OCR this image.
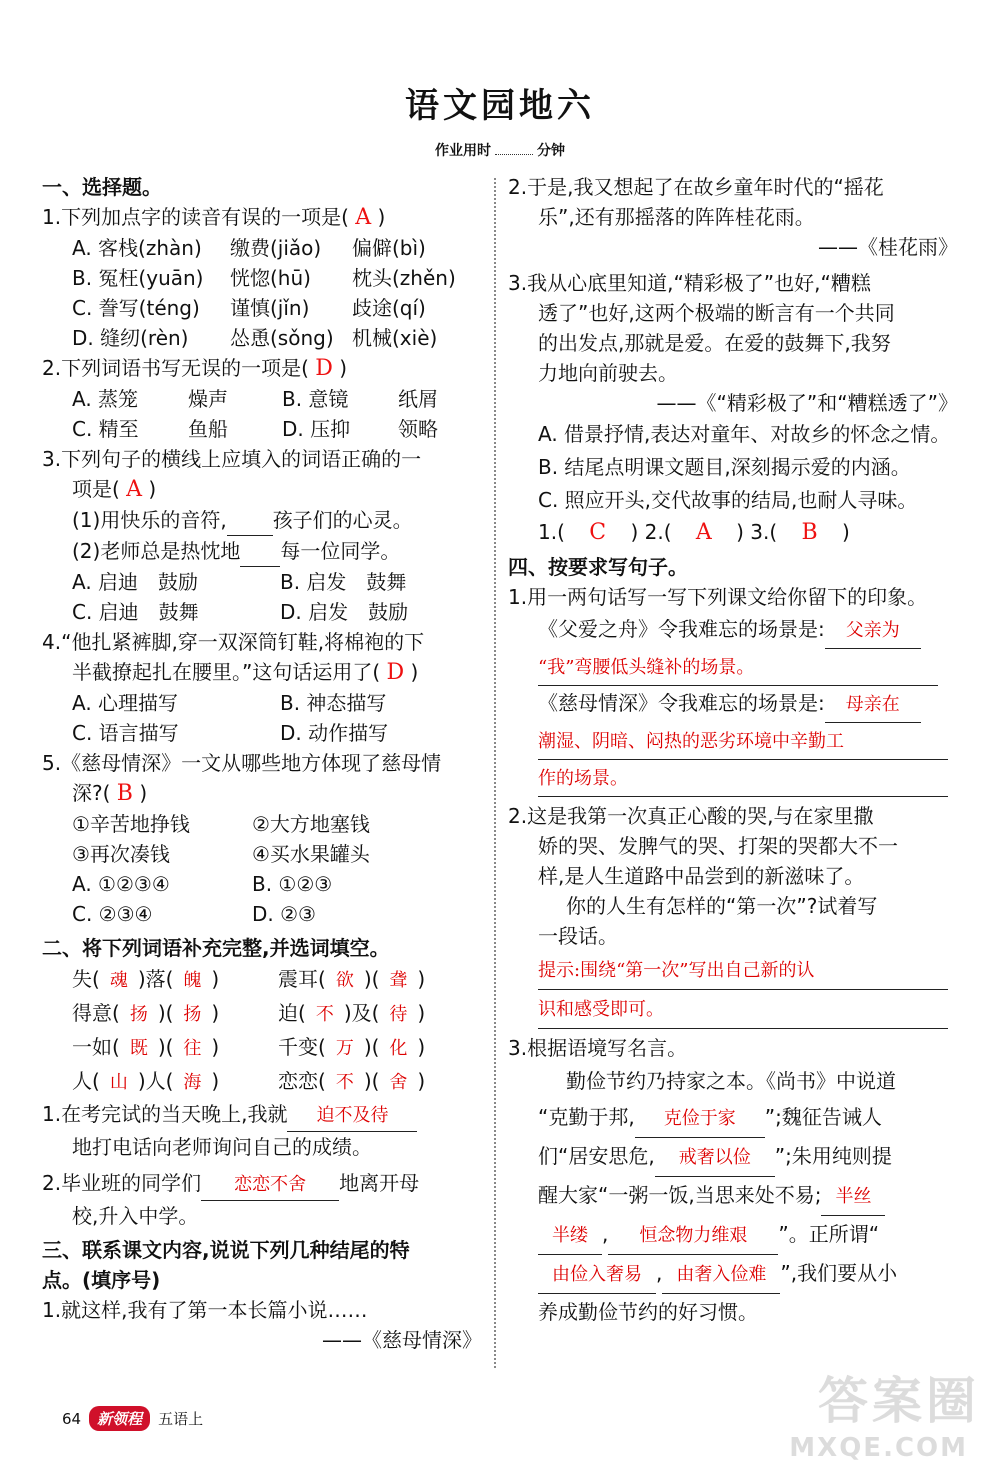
语文园地六
作业用时	分钟
一、选择题。
1.下列加点字的读音有误的一项是( A )
A. 客栈(zhàn) 缴费(jiǎo) 偏僻(bì)
B. 冤枉(yuān) 恍惚(hū) 枕头(zhěn)
C. 誊写(téng) 谨慎(jǐn) 歧途(qí)
D. 缝纫(rèn) 怂恿(sǒng) 机械(xiè)
2.下列词语书写无误的一项是( D )
A. 蒸笼 燥声	B. 意镜 纸屑
C. 精至 鱼船	D. 压抑 领略
3.下列句子的横线上应填入的词语正确的一
项是( A )
(1)用快乐的音符, 孩子们的心灵。
(2)老师总是热忱地 每一位同学。
A. 启迪　鼓励	B. 启发　鼓舞
C. 启迪　鼓舞	D. 启发　鼓励
4.“他扎紧裤脚,穿一双深筒钉鞋,将棉袍的下
半截撩起扎在腰里。”这句话运用了( D )
A. 心理描写	B. 神态描写
C. 语言描写	D. 动作描写
5.《慈母情深》一文从哪些地方体现了慈母情
深?( B )
①辛苦地挣钱	②大方地塞钱
③再次凑钱	④买水果罐头
A. ①②③④	B. ①②③
C. ②③④	D. ②③
二、将下列词语补充完整,并选词填空。
失( 魂 )落( 魄 )	震耳( 欲 )( 聋 )
得意( 扬 )( 扬 )	迫( 不 )及( 待 )
一如( 既 )( 往 )	千变( 万 )( 化 )
人( 山 )人( 海 )	恋恋( 不 )( 舍 )
1.在考完试的当天晚上,我就 迫不及待
地打电话向老师询问自己的成绩。
2.毕业班的同学们 恋恋不舍 地离开母
校,升入中学。
三、联系课文内容,说说下列几种结尾的特
点。(填序号)
1.就这样,我有了第一本长篇小说……
——《慈母情深》
2.于是,我又想起了在故乡童年时代的“摇花
乐”,还有那摇落的阵阵桂花雨。
——《桂花雨》
3.我从心底里知道,“精彩极了”也好,“糟糕
透了”也好,这两个极端的断言有一个共同
的出发点,那就是爱。在爱的鼓舞下,我努
力地向前驶去。
——《“精彩极了”和“糟糕透了”》
A. 借景抒情,表达对童年、对故乡的怀念之情。
B. 结尾点明课文题目,深刻揭示爱的内涵。
C. 照应开头,交代故事的结局,也耐人寻味。
1.( C ) 2.( A ) 3.( B )
四、按要求写句子。
1.用一两句话写一写下列课文给你留下的印象。
《父爱之舟》令我难忘的场景是: 父亲为
“我”弯腰低头缝补的场景。
《慈母情深》令我难忘的场景是: 母亲在
潮湿、阴暗、闷热的恶劣环境中辛勤工
作的场景。
2.这是我第一次真正心酸的哭,与在家里撒
娇的哭、发脾气的哭、打架的哭都大不一
样,是人生道路中品尝到的新滋味了。
你的人生有怎样的“第一次”?试着写
一段话。
提示:围绕“第一次”写出自己新的认
识和感受即可。
3.根据语境写名言。
勤俭节约乃持家之本。《尚书》中说道
“克勤于邦, 克俭于家 ”;魏征告诫人
们“居安思危, 戒奢以俭 ”;朱用纯则提
醒大家“一粥一饭,当思来处不易; 半丝
半缕 , 恒念物力维艰 ”。正所谓“
由俭入奢易 , 由奢入俭难 ”,我们要从小
养成勤俭节约的好习惯。
64	新领程	五语上	答案圈
MXQE.COM
